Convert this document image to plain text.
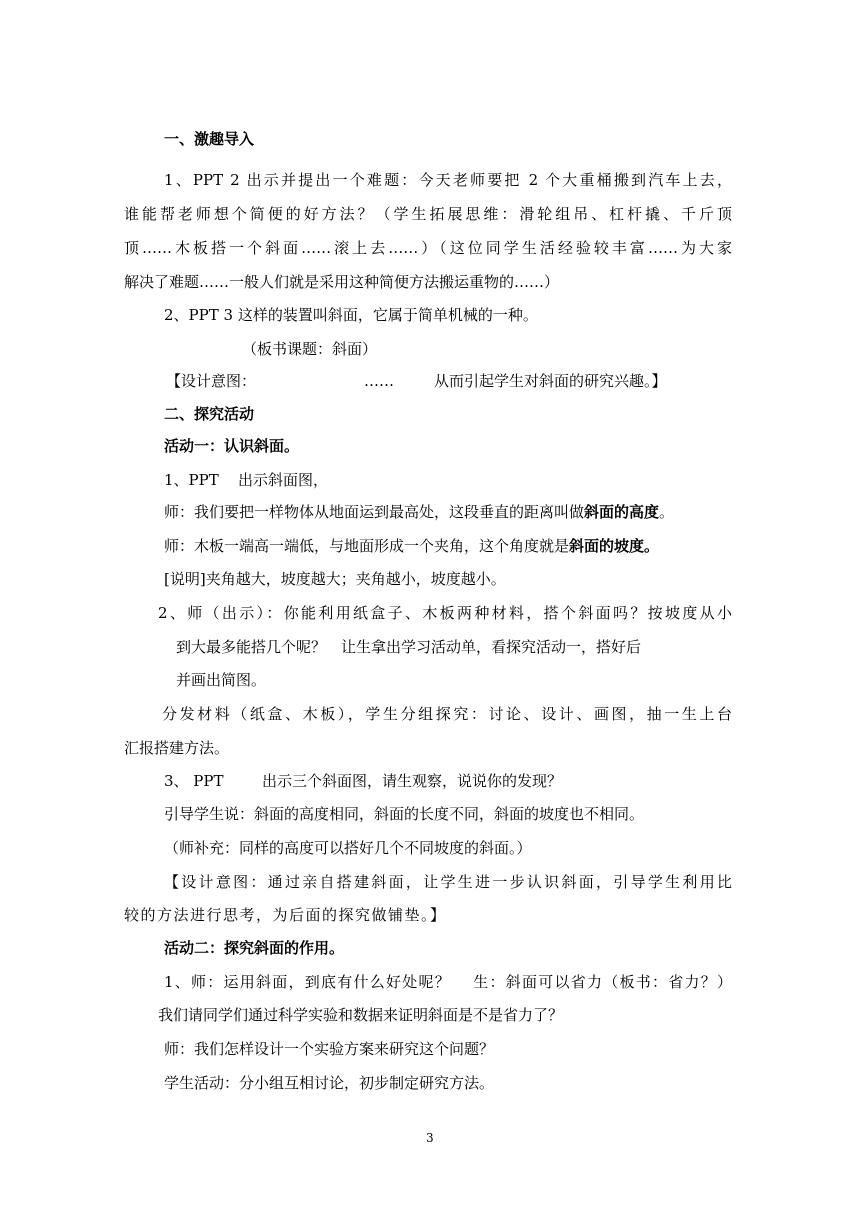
一、激趣导入
1、PPT 2 出示并提出一个难题：今天老师要把 2 个大重桶搬到汽车上去，
谁能帮老师想个简便的好方法？（学生拓展思维：滑轮组吊、杠杆撬、千斤顶
顶……木板搭一个斜面……滚上去……）（这位同学生活经验较丰富……为大家
解决了难题……一般人们就是采用这种简便方法搬运重物的……）
2、PPT 3 这样的装置叫斜面，它属于简单机械的一种。
（板书课题：斜面）
【设计意图：	……	从而引起学生对斜面的研究兴趣。】
二、探究活动
活动一：认识斜面。
1、PPT 出示斜面图，
师：我们要把一样物体从地面运到最高处，这段垂直的距离叫做斜面的高度。
师：木板一端高一端低，与地面形成一个夹角，这个角度就是斜面的坡度。
[说明]夹角越大，坡度越大；夹角越小，坡度越小。
2、师（出示）：你能利用纸盒子、木板两种材料，搭个斜面吗？按坡度从小
到大最多能搭几个呢？　让生拿出学习活动单，看探究活动一，搭好后
并画出简图。
分发材料（纸盒、木板），学生分组探究：讨论、设计、画图，抽一生上台
汇报搭建方法。
3、 PPT	出示三个斜面图，请生观察，说说你的发现？
引导学生说：斜面的高度相同，斜面的长度不同，斜面的坡度也不相同。
（师补充：同样的高度可以搭好几个不同坡度的斜面。）
【设计意图：通过亲自搭建斜面，让学生进一步认识斜面，引导学生利用比
较的方法进行思考，为后面的探究做铺垫。】
活动二：探究斜面的作用。
1、师：运用斜面，到底有什么好处呢？　 生：斜面可以省力（板书：省力？）
我们请同学们通过科学实验和数据来证明斜面是不是省力了？
师：我们怎样设计一个实验方案来研究这个问题？
学生活动：分小组互相讨论，初步制定研究方法。
3
